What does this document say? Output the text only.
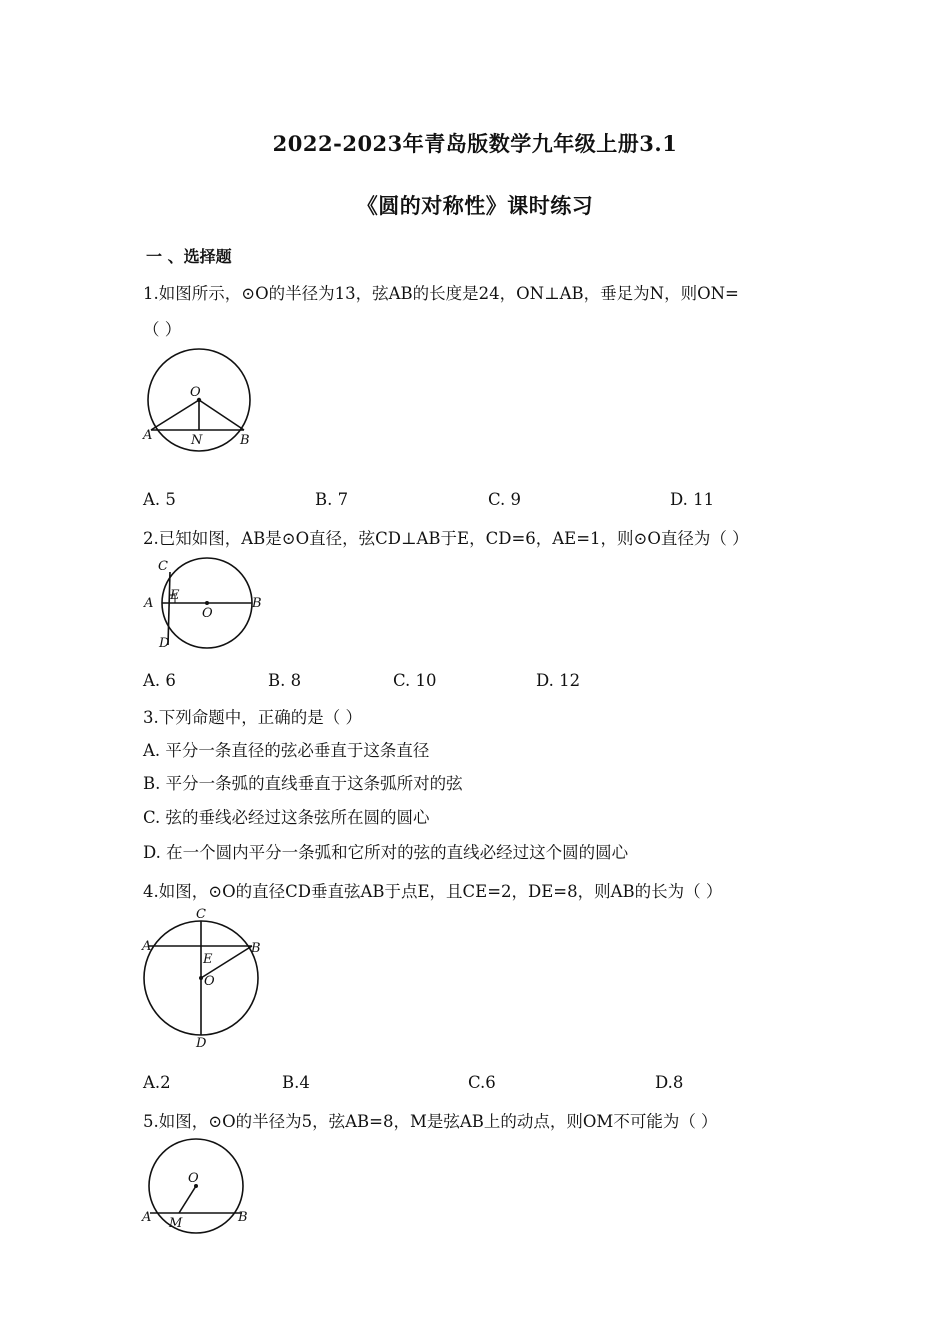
2022-2023年青岛版数学九年级上册3.1
《圆的对称性》课时练习
一 、选择题
1.如图所示，⊙O的半径为13，弦AB的长度是24，ON⊥AB，垂足为N，则ON=
（ ）
O
A	N	B
A. 5	B. 7	C. 9	D. 11
2.已知如图，AB是⊙O直径，弦CD⊥AB于E，CD=6，AE=1，则⊙O直径为（ ）
C
A
E
O
B
D
A. 6	B. 8	C. 10	D. 12
3.下列命题中，正确的是（ ）
A. 平分一条直径的弦必垂直于这条直径
B. 平分一条弧的直线垂直于这条弧所对的弦
C. 弦的垂线必经过这条弦所在圆的圆心
D. 在一个圆内平分一条弧和它所对的弦的直线必经过这个圆的圆心
4.如图，⊙O的直径CD垂直弦AB于点E，且CE=2，DE=8，则AB的长为（ ）
C
A	B
E
O
D
A.2	B.4	C.6	D.8
5.如图，⊙O的半径为5，弦AB=8，M是弦AB上的动点，则OM不可能为（ ）
O
A M	B
